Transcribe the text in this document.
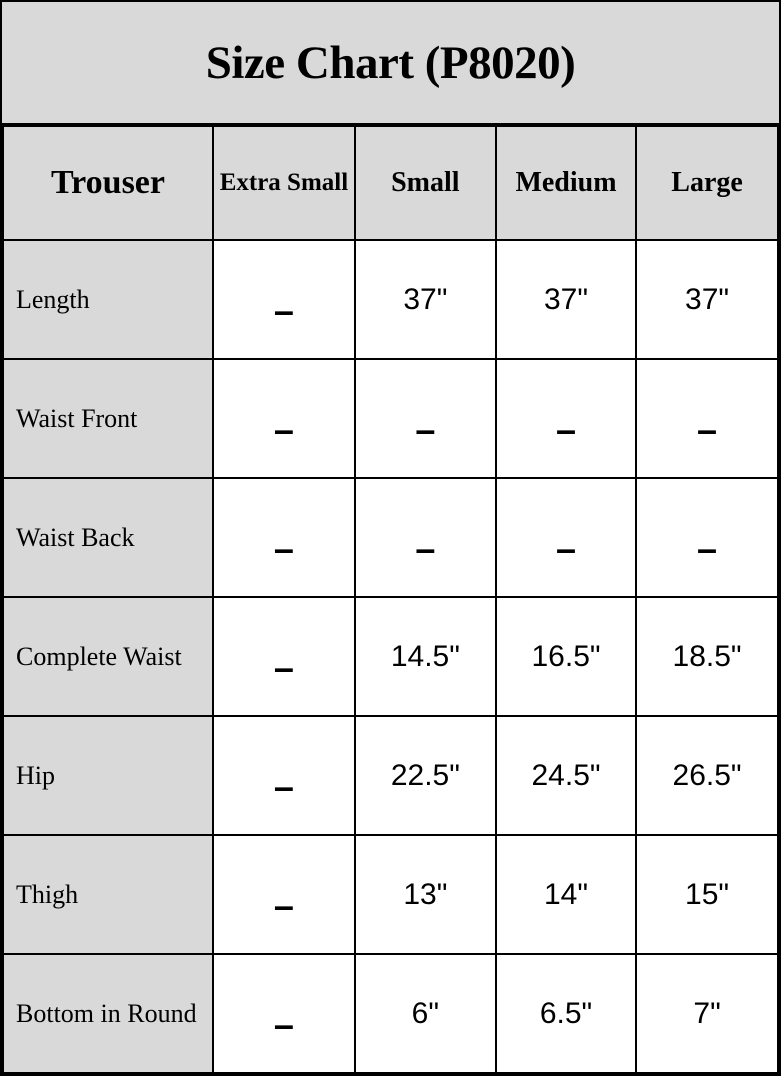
Size Chart (P8020)
Trouser	Extra Small	Small	Medium	Large
Length	–	37"	37"	37"
Waist Front	–	–	–	–
Waist Back	–	–	–	–
Complete Waist	–	14.5"	16.5"	18.5"
Hip	–	22.5"	24.5"	26.5"
Thigh	–	13"	14"	15"
Bottom in Round	–	6"	6.5"	7"
